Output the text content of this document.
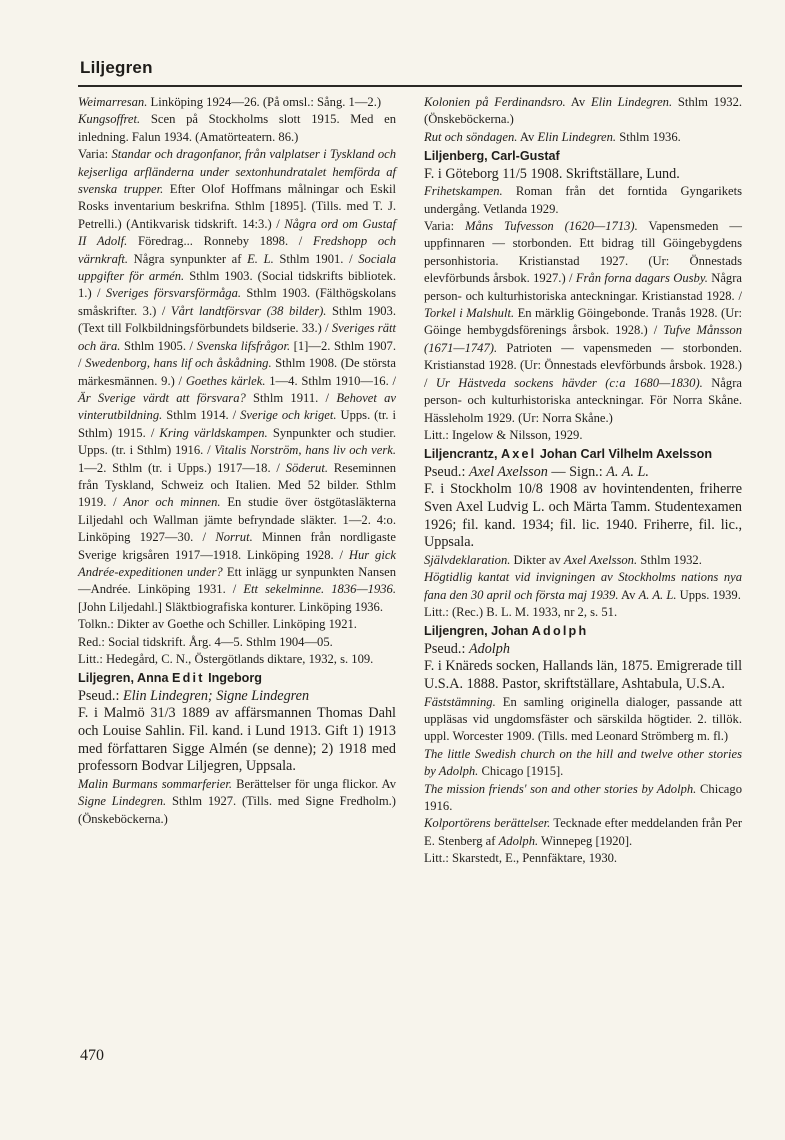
Liljegren

Weimarresan. Linköping 1924—26. (På omsl.: Sång. 1—2.)

Kungsoffret. Scen på Stockholms slott 1915. Med en inledning. Falun 1934. (Amatörteatern. 86.)

Varia: Standar och dragonfanor, från valplatser i Tyskland och kejserliga arfländerna under sextonhundratalet hemförda af svenska trupper. Efter Olof Hoffmans målningar och Eskil Rosks inventarium beskrifna. Sthlm [1895]. (Tills. med T. J. Petrelli.) (Antikvarisk tidskrift. 14:3.) / Några ord om Gustaf II Adolf. Föredrag... Ronneby 1898. / Fredshopp och värnkraft. Några synpunkter af E. L. Sthlm 1901. / Sociala uppgifter för armén. Sthlm 1903. (Social tidskrifts bibliotek. 1.) / Sveriges försvarsförmåga. Sthlm 1903. (Fälthögskolans småskrifter. 3.) / Vårt landtförsvar (38 bilder). Sthlm 1903. (Text till Folkbildningsförbundets bildserie. 33.) / Sveriges rätt och ära. Sthlm 1905. / Svenska lifsfrågor. [1]—2. Sthlm 1907. / Swedenborg, hans lif och åskådning. Sthlm 1908. (De största märkesmännen. 9.) / Goethes kärlek. 1—4. Sthlm 1910—16. / Är Sverige värdt att försvara? Sthlm 1911. / Behovet av vinterutbildning. Sthlm 1914. / Sverige och kriget. Upps. (tr. i Sthlm) 1915. / Kring världskampen. Synpunkter och studier. Upps. (tr. i Sthlm) 1916. / Vitalis Norström, hans liv och verk. 1—2. Sthlm (tr. i Upps.) 1917—18. / Söderut. Reseminnen från Tyskland, Schweiz och Italien. Med 52 bilder. Sthlm 1919. / Anor och minnen. En studie över östgötasläkterna Liljedahl och Wallman jämte befryndade släkter. 1—2. 4:o. Linköping 1927—30. / Norrut. Minnen från nordligaste Sverige krigsåren 1917—1918. Linköping 1928. / Hur gick Andrée-expeditionen under? Ett inlägg ur synpunkten Nansen—Andrée. Linköping 1931. / Ett sekelminne. 1836—1936. [John Liljedahl.] Släktbiografiska konturer. Linköping 1936.

Tolkn.: Dikter av Goethe och Schiller. Linköping 1921.

Red.: Social tidskrift. Årg. 4—5. Sthlm 1904—05.

Litt.: Hedegård, C. N., Östergötlands diktare, 1932, s. 109.

Liljegren, Anna Edit Ingeborg

Pseud.: Elin Lindegren; Signe Lindegren

F. i Malmö 31/3 1889 av affärsmannen Thomas Dahl och Louise Sahlin. Fil. kand. i Lund 1913. Gift 1) 1913 med författaren Sigge Almén (se denne); 2) 1918 med professorn Bodvar Liljegren, Uppsala.

Malin Burmans sommarferier. Berättelser för unga flickor. Av Signe Lindegren. Sthlm 1927. (Tills. med Signe Fredholm.) (Önskeböckerna.)

Kolonien på Ferdinandsro. Av Elin Lindegren. Sthlm 1932. (Önskeböckerna.)

Rut och söndagen. Av Elin Lindegren. Sthlm 1936.

Liljenberg, Carl-Gustaf

F. i Göteborg 11/5 1908. Skriftställare, Lund.

Frihetskampen. Roman från det forntida Gyngarikets undergång. Vetlanda 1929.

Varia: Måns Tufvesson (1620—1713). Vapensmeden — uppfinnaren — storbonden. Ett bidrag till Göingebygdens personhistoria. Kristianstad 1927. (Ur: Önnestads elevförbunds årsbok. 1927.) / Från forna dagars Ousby. Några person- och kulturhistoriska anteckningar. Kristianstad 1928. / Torkel i Malshult. En märklig Göingebonde. Tranås 1928. (Ur: Göinge hembygdsförenings årsbok. 1928.) / Tufve Månsson (1671—1747). Patrioten — vapensmeden — storbonden. Kristianstad 1928. (Ur: Önnestads elevförbunds årsbok. 1928.) / Ur Hästveda sockens hävder (c:a 1680—1830). Några person- och kulturhistoriska anteckningar. För Norra Skåne. Hässleholm 1929. (Ur: Norra Skåne.)

Litt.: Ingelow & Nilsson, 1929.

Liljencrantz, Axel Johan Carl Vilhelm Axelsson

Pseud.: Axel Axelsson — Sign.: A. A. L.

F. i Stockholm 10/8 1908 av hovintendenten, friherre Sven Axel Ludvig L. och Märta Tamm. Studentexamen 1926; fil. kand. 1934; fil. lic. 1940. Friherre, fil. lic., Uppsala.

Självdeklaration. Dikter av Axel Axelsson. Sthlm 1932.

Högtidlig kantat vid invigningen av Stockholms nations nya fana den 30 april och första maj 1939. Av A. A. L. Upps. 1939.

Litt.: (Rec.) B. L. M. 1933, nr 2, s. 51.

Liljengren, Johan Adolph

Pseud.: Adolph

F. i Knäreds socken, Hallands län, 1875. Emigrerade till U.S.A. 1888. Pastor, skriftställare, Ashtabula, U.S.A.

Fäststämning. En samling originella dialoger, passande att uppläsas vid ungdomsfäster och särskilda högtider. 2. tillök. uppl. Worcester 1909. (Tills. med Leonard Strömberg m. fl.)

The little Swedish church on the hill and twelve other stories by Adolph. Chicago [1915].

The mission friends' son and other stories by Adolph. Chicago 1916.

Kolportörens berättelser. Tecknade efter meddelanden från Per E. Stenberg af Adolph. Winnepeg [1920].

Litt.: Skarstedt, E., Pennfäktare, 1930.

470
